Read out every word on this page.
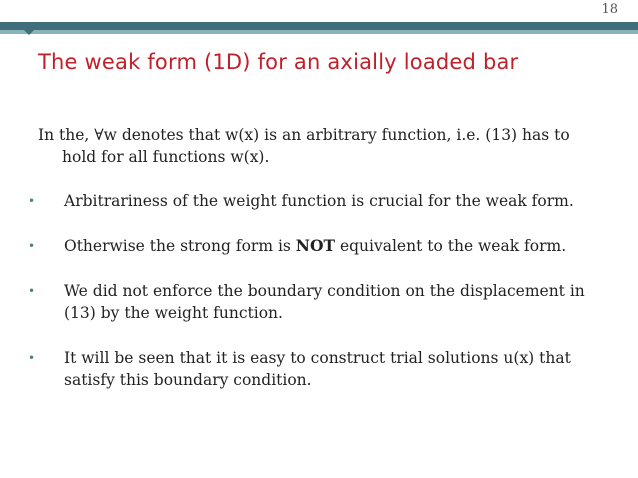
18
The weak form (1D) for an axially loaded bar
In the, ∀w denotes that w(x) is an arbitrary function, i.e. (13) has to
hold for all functions w(x).
• Arbitrariness of the weight function is crucial for the weak form.
• Otherwise the strong form is NOT equivalent to the weak form.
• We did not enforce the boundary condition on the displacement in
(13) by the weight function.
• It will be seen that it is easy to construct trial solutions u(x) that
satisfy this boundary condition.
